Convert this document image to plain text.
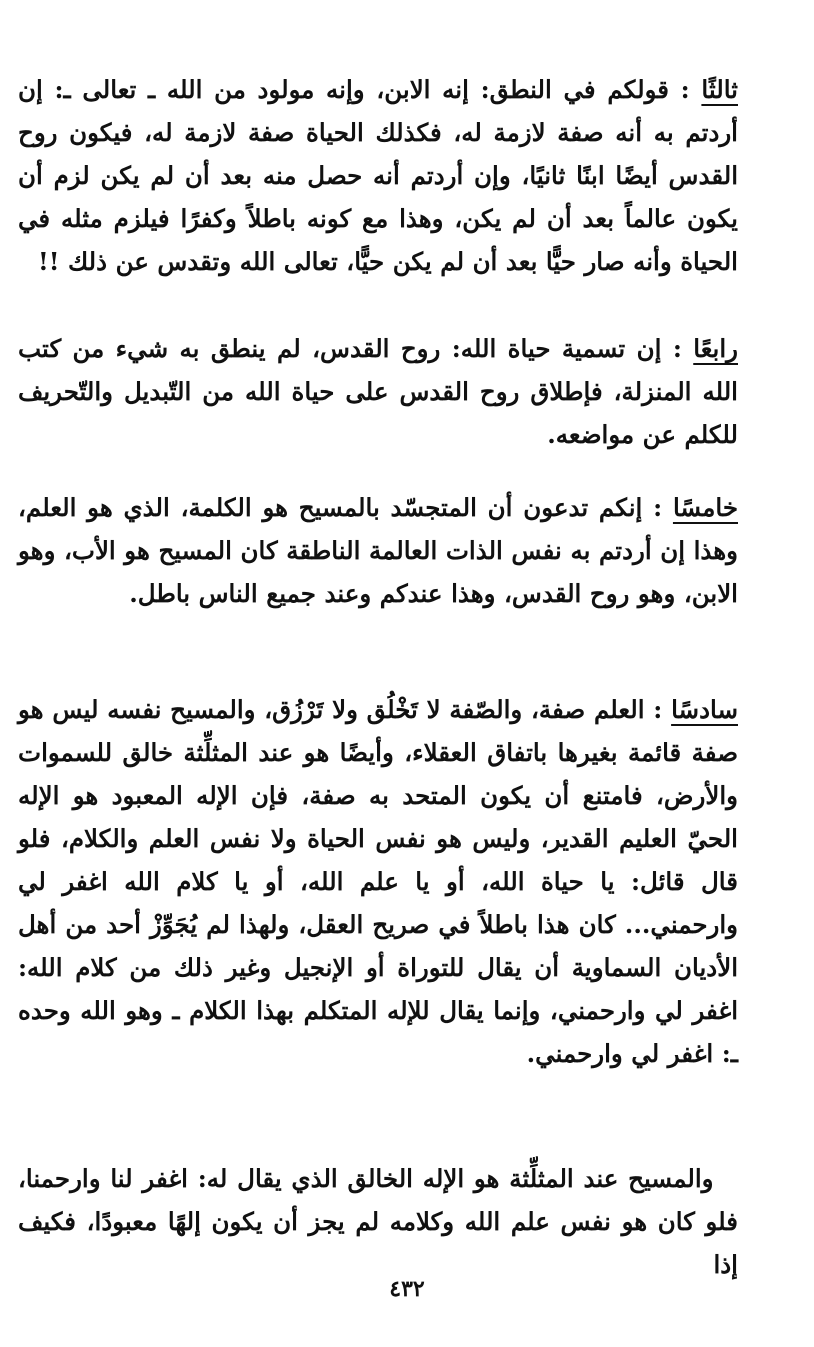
ثالثًا : قولكم في النطق: إنه الابن، وإنه مولود من الله ـ تعالى ـ: إن أردتم به أنه صفة لازمة له، فكذلك الحياة صفة لازمة له، فيكون روح القدس أيضًا ابنًا ثانيًا، وإن أردتم أنه حصل منه بعد أن لم يكن لزم أن يكون عالماً بعد أن لم يكن، وهذا مع كونه باطلاً وكفرًا فيلزم مثله في الحياة وأنه صار حيًّا بعد أن لم يكن حيًّا، تعالى الله وتقدس عن ذلك !!

رابعًا : إن تسمية حياة الله: روح القدس، لم ينطق به شيء من كتب الله المنزلة، فإطلاق روح القدس على حياة الله من التّبديل والتّحريف للكلم عن مواضعه.

خامسًا : إنكم تدعون أن المتجسّد بالمسيح هو الكلمة، الذي هو العلم، وهذا إن أردتم به نفس الذات العالمة الناطقة كان المسيح هو الأب، وهو الابن، وهو روح القدس، وهذا عندكم وعند جميع الناس باطل.

سادسًا : العلم صفة، والصّفة لا تَخْلُق ولا تَرْزُق، والمسيح نفسه ليس هو صفة قائمة بغيرها باتفاق العقلاء، وأيضًا هو عند المثلِّثة خالق للسموات والأرض، فامتنع أن يكون المتحد به صفة، فإن الإله المعبود هو الإله الحيّ العليم القدير، وليس هو نفس الحياة ولا نفس العلم والكلام، فلو قال قائل: يا حياة الله، أو يا علم الله، أو يا كلام الله اغفر لي وارحمني... كان هذا باطلاً في صريح العقل، ولهذا لم يُجَوِّزْ أحد من أهل الأديان السماوية أن يقال للتوراة أو الإنجيل وغير ذلك من كلام الله: اغفر لي وارحمني، وإنما يقال للإله المتكلم بهذا الكلام ـ وهو الله وحده ـ: اغفر لي وارحمني.

 والمسيح عند المثلِّثة هو الإله الخالق الذي يقال له: اغفر لنا وارحمنا، فلو كان هو نفس علم الله وكلامه لم يجز أن يكون إلهًا معبودًا، فكيف إذا

٤٣٢
